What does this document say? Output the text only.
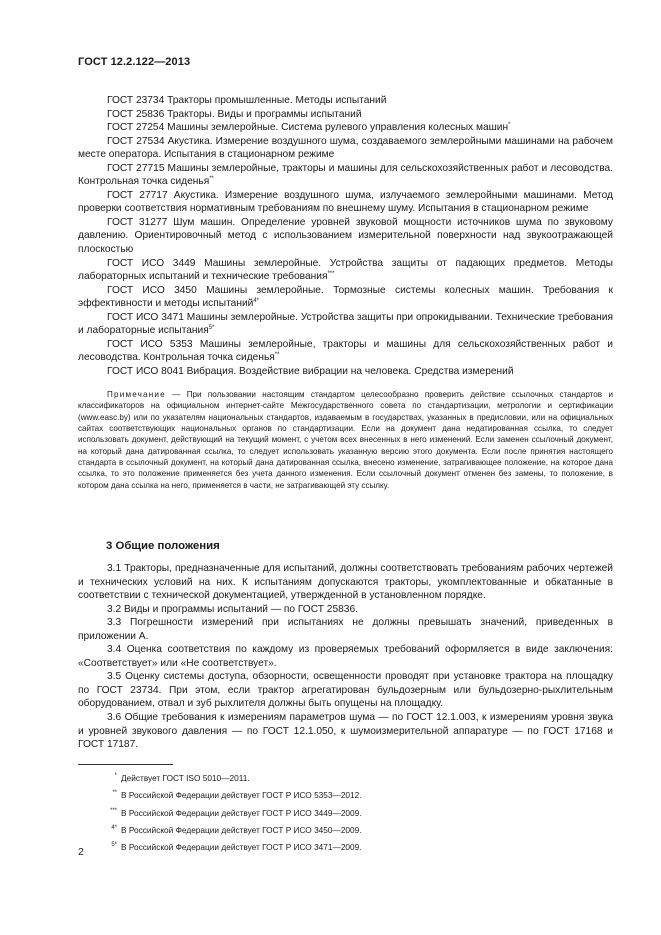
ГОСТ 12.2.122—2013

ГОСТ 23734 Тракторы промышленные. Методы испытаний

ГОСТ 25836 Тракторы. Виды и программы испытаний

ГОСТ 27254 Машины землеройные. Система рулевого управления колесных машин*

ГОСТ 27534 Акустика. Измерение воздушного шума, создаваемого землеройными машинами на рабочем месте оператора. Испытания в стационарном режиме

ГОСТ 27715 Машины землеройные, тракторы и машины для сельскохозяйственных работ и лесоводства. Контрольная точка сиденья**

ГОСТ 27717 Акустика. Измерение воздушного шума, излучаемого землеройными машинами. Метод проверки соответствия нормативным требованиям по внешнему шуму. Испытания в стационарном режиме

ГОСТ 31277 Шум машин. Определение уровней звуковой мощности источников шума по звуковому давлению. Ориентировочный метод с использованием измерительной поверхности над звукоотражающей плоскостью

ГОСТ ИСО 3449 Машины землеройные. Устройства защиты от падающих предметов. Методы лабораторных испытаний и технические требования***

ГОСТ ИСО 3450 Машины землеройные. Тормозные системы колесных машин. Требования к эффективности и методы испытаний$^{4*}$

ГОСТ ИСО 3471 Машины землеройные. Устройства защиты при опрокидывании. Технические требования и лабораторные испытания$^{5*}$

ГОСТ ИСО 5353 Машины землеройные, тракторы и машины для сельскохозяйственных работ и лесоводства. Контрольная точка сиденья**

ГОСТ ИСО 8041 Вибрация. Воздействие вибрации на человека. Средства измерений

Примечание — При пользовании настоящим стандартом целесообразно проверить действие ссылочных стандартов и классификаторов на официальном интернет-сайте Межгосударственного совета по стандартизации, метрологии и сертификации (www.easc.by) или по указателям национальных стандартов, издаваемым в государствах, указанных в предисловии, или на официальных сайтах соответствующих национальных органов по стандартизации. Если на документ дана недатированная ссылка, то следует использовать документ, действующий на текущий момент, с учетом всех внесенных в него изменений. Если заменен ссылочный документ, на который дана датированная ссылка, то следует использовать указанную версию этого документа. Если после принятия настоящего стандарта в ссылочный документ, на который дана датированная ссылка, внесено изменение, затрагивающее положение, на которое дана ссылка, то это положение применяется без учета данного изменения. Если ссылочный документ отменен без замены, то положение, в котором дана ссылка на него, применяется в части, не затрагивающей эту ссылку.

3 Общие положения

3.1 Тракторы, предназначенные для испытаний, должны соответствовать требованиям рабочих чертежей и технических условий на них. К испытаниям допускаются тракторы, укомплектованные и обкатанные в соответствии с технической документацией, утвержденной в установленном порядке.

3.2 Виды и программы испытаний — по ГОСТ 25836.

3.3 Погрешности измерений при испытаниях не должны превышать значений, приведенных в приложении А.

3.4 Оценка соответствия по каждому из проверяемых требований оформляется в виде заключения: «Соответствует» или «Не соответствует».

3.5 Оценку системы доступа, обзорности, освещенности проводят при установке трактора на площадку по ГОСТ 23734. При этом, если трактор агрегатирован бульдозерным или бульдозерно-рыхлительным оборудованием, отвал и зуб рыхлителя должны быть опущены на площадку.

3.6 Общие требования к измерениям параметров шума — по ГОСТ 12.1.003, к измерениям уровня звука и уровней звукового давления — по ГОСТ 12.1.050, к шумоизмерительной аппаратуре — по ГОСТ 17168 и ГОСТ 17187.

* Действует ГОСТ ISO 5010—2011.

** В Российской Федерации действует ГОСТ Р ИСО 5353—2012.

*** В Российской Федерации действует ГОСТ Р ИСО 3449—2009.

4* В Российской Федерации действует ГОСТ Р ИСО 3450—2009.

5* В Российской Федерации действует ГОСТ Р ИСО 3471—2009.

2
